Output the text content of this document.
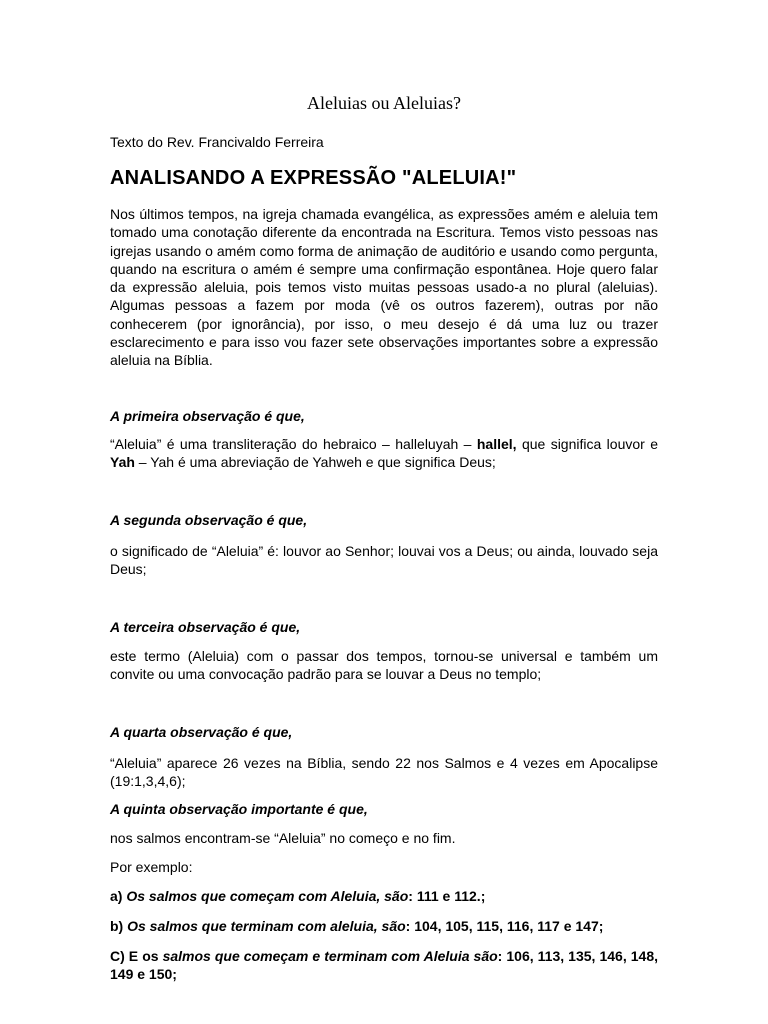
Aleluias ou Aleluias?
Texto do Rev. Francivaldo Ferreira
ANALISANDO A EXPRESSÃO "ALELUIA!"
Nos últimos tempos, na igreja chamada evangélica, as expressões amém e aleluia tem tomado uma conotação diferente da encontrada na Escritura. Temos visto pessoas nas igrejas usando o amém como forma de animação de auditório e usando como pergunta, quando na escritura o amém é sempre uma confirmação espontânea. Hoje quero falar da expressão aleluia, pois temos visto muitas pessoas usado-a no plural (aleluias). Algumas pessoas a fazem por moda (vê os outros fazerem), outras por não conhecerem (por ignorância), por isso, o meu desejo é dá uma luz ou trazer esclarecimento e para isso vou fazer sete observações importantes sobre a expressão aleluia na Bíblia.
A primeira observação é que,
“Aleluia” é uma transliteração do hebraico – halleluyah – hallel, que significa louvor e Yah – Yah é uma abreviação de Yahweh e que significa Deus;
A segunda observação é que,
o significado de “Aleluia” é: louvor ao Senhor; louvai vos a Deus; ou ainda, louvado seja Deus;
A terceira observação é que,
este termo (Aleluia) com o passar dos tempos, tornou-se universal e também um convite ou uma convocação padrão para se louvar a Deus no templo;
A quarta observação é que,
“Aleluia” aparece 26 vezes na Bíblia, sendo 22 nos Salmos e 4 vezes em Apocalipse (19:1,3,4,6);
A quinta observação importante é que,
nos salmos encontram-se “Aleluia” no começo e no fim.
Por exemplo:
a) Os salmos que começam com Aleluia, são: 111 e 112.;
b) Os salmos que terminam com aleluia, são: 104, 105, 115, 116, 117 e 147;
C) E os salmos que começam e terminam com Aleluia são: 106, 113, 135, 146, 148, 149 e 150;
